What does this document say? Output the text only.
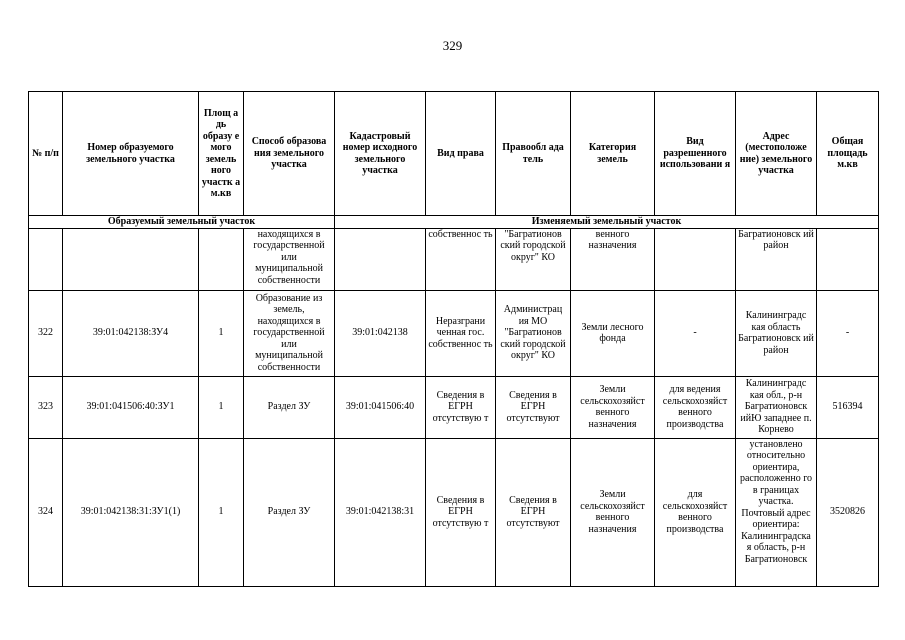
329
№ п/п	Номер образуемого земельного участка	Площ а дь образу е мого земель ного участк а м.кв	Способ образова ния земельного участка	Кадастровый номер исходного земельного участка	Вид права	Правообл ада тель	Категория земель	Вид разрешенного использовани я	Адрес (местоположе ние) земельного участка	Общая площадь м.кв
Образуемый земельный участок				Изменяемый земельный участок						
			находящихся в государственной или муниципальной собственности		собственнос ть	"Багратионов ский городской округ" КО	венного назначения		Багратионовск ий район	
322	39:01:042138:ЗУ4	1	Образование из земель, находящихся в государственной или муниципальной собственности	39:01:042138	Неразграни ченная гос. собственнос ть	Администрац ия МО "Багратионов ский городской округ" КО	Земли лесного фонда	-	Калининградс кая область Багратионовск ий район	-
323	39:01:041506:40:ЗУ1	1	Раздел ЗУ	39:01:041506:40	Сведения в ЕГРН отсутствую т	Сведения в ЕГРН отсутствуют	Земли сельскохозяйст венного назначения	для ведения сельскохозяйст венного производства	Калининградс кая обл., р-н Багратионовск ийЮ западнее п. Корнево	516394
324	39:01:042138:31:ЗУ1(1)	1	Раздел ЗУ	39:01:042138:31	Сведения в ЕГРН отсутствую т	Сведения в ЕГРН отсутствуют	Земли сельскохозяйст венного назначения	для сельскохозяйст венного производства	установлено относительно ориентира, расположенно го в границах участка. Почтовый адрес ориентира: Калининградска я область, р-н Багратионовск	3520826
